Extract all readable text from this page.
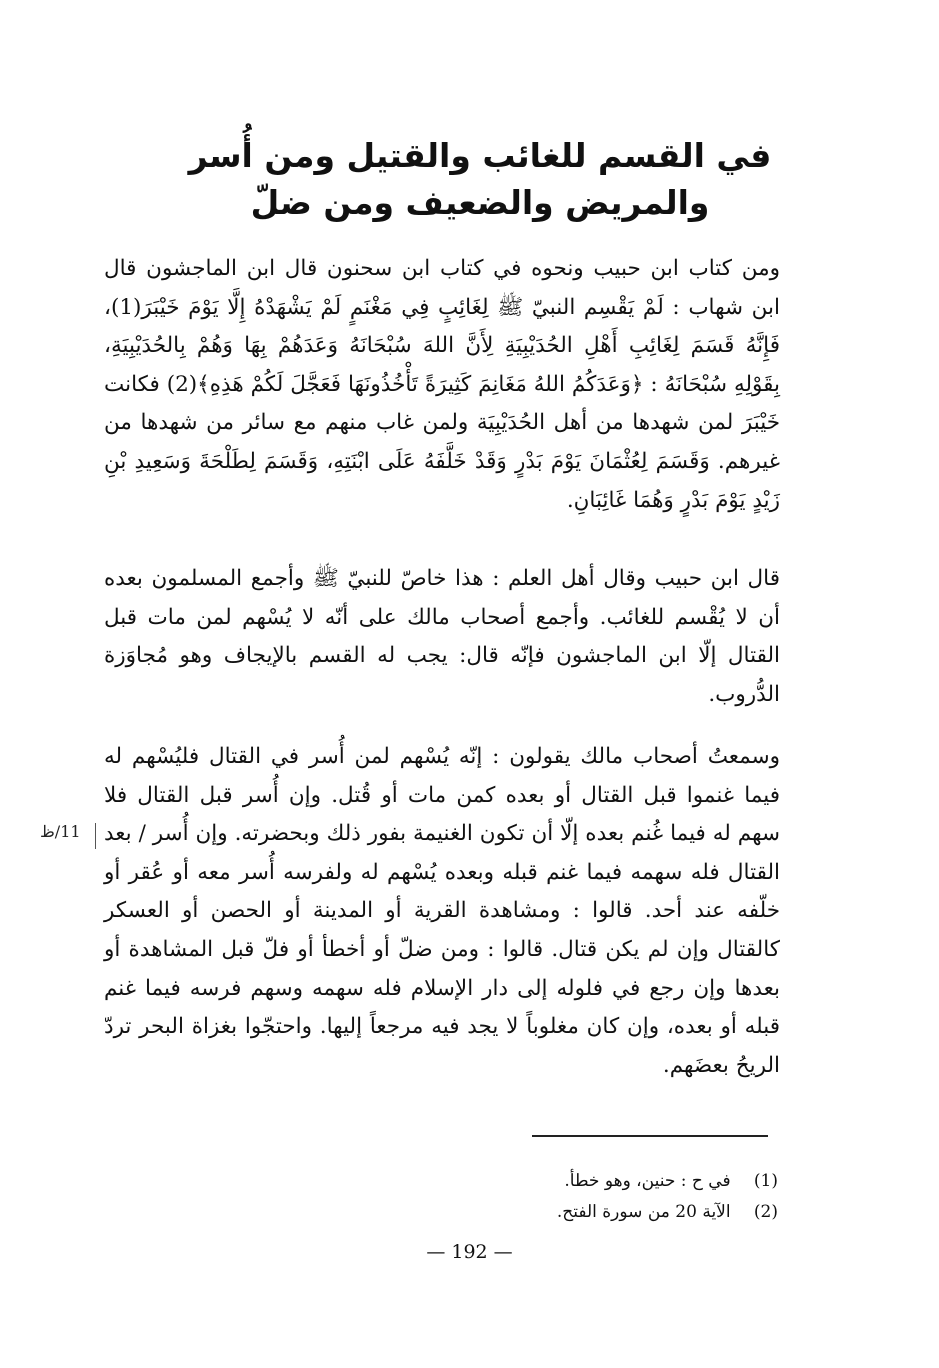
في القسم للغائب والقتيل ومن أُسر
والمريض والضعيف ومن ضلّ

ومن كتاب ابن حبيب ونحوه في كتاب ابن سحنون قال ابن الماجشون قال ابن شهاب : لَمْ يَقْسِم النبيّ ﷺ لِغَائِبٍ فِي مَغْنَمٍ لَمْ يَشْهَدْهُ إِلَّا يَوْمَ خَيْبَرَ(1)، فَإِنَّهُ قَسَمَ لِغَائِبِ أَهْلِ الحُدَيْبِيَةِ لِأَنَّ اللهَ سُبْحَانَهُ وَعَدَهُمْ بِهَا وَهُمْ بِالحُدَيْبِيَةِ، بِقَوْلِهِ سُبْحَانَهُ : ﴿وَعَدَكُمُ اللهُ مَغَانِمَ كَثِيرَةً تَأْخُذُونَهَا فَعَجَّلَ لَكُمْ هَذِهِ﴾(2) فكانت خَيْبَرَ لمن شهدها من أهل الحُدَيْبِيَة ولمن غاب منهم مع سائر من شهدها من غيرهم. وَقَسَمَ لِعُثْمَانَ يَوْمَ بَدْرٍ وَقَدْ خَلَّفَهُ عَلَى ابْنَتِهِ، وَقَسَمَ لِطَلْحَةَ وَسَعِيدِ بْنِ زَيْدٍ يَوْمَ بَدْرٍ وَهُمَا غَائِبَانِ.

قال ابن حبيب وقال أهل العلم : هذا خاصّ للنبيّ ﷺ وأجمع المسلمون بعده أن لا يُقْسم للغائب. وأجمع أصحاب مالك على أنّه لا يُسْهم لمن مات قبل القتال إلّا ابن الماجشون فإنّه قال: يجب له القسم بالإيجاف وهو مُجاوَزة الدُّروب.

وسمعتُ أصحاب مالك يقولون : إنّه يُسْهم لمن أُسر في القتال فليُسْهم له فيما غنموا قبل القتال أو بعده كمن مات أو قُتل. وإن أُسر قبل القتال فلا سهم له فيما غُنم بعده إلّا أن تكون الغنيمة بفور ذلك وبحضرته. وإن أُسر / بعد القتال فله سهمه فيما غنم قبله وبعده يُسْهم له ولفرسه أُسر معه أو عُقر أو خلّفه عند أحد. قالوا : ومشاهدة القرية أو المدينة أو الحصن أو العسكر كالقتال وإن لم يكن قتال. قالوا : ومن ضلّ أو أخطأ أو فلّ قبل المشاهدة أو بعدها وإن رجع في فلوله إلى دار الإسلام فله سهمه وسهم فرسه فيما غنم قبله أو بعده، وإن كان مغلوباً لا يجد فيه مرجعاً إليها. واحتجّوا بغزاة البحر تردّ الريحُ بعضَهم.

11/ظ
(1) في ح : حنين، وهو خطأ.
(2) الآية 20 من سورة الفتح.
— 192 —
